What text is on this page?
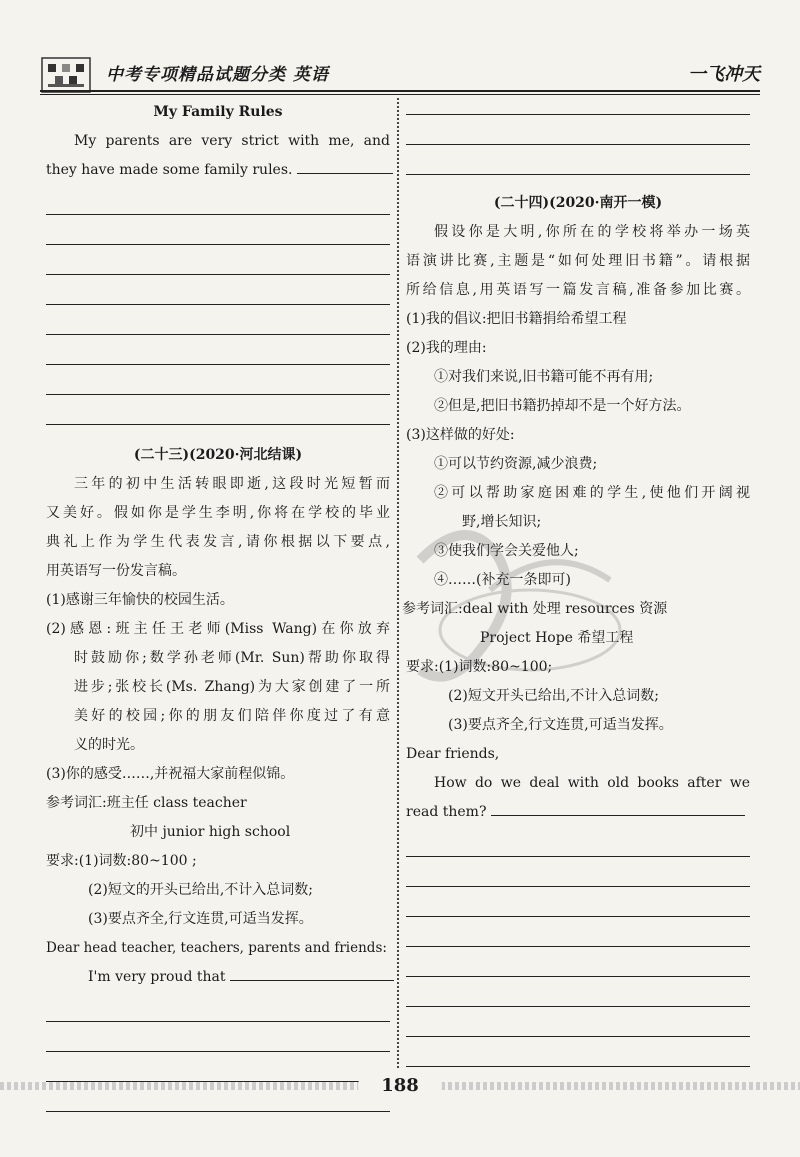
中考专项精品试题分类 英语	一飞冲天
My Family Rules
My parents are very strict with me, and
they have made some family rules.
(二十三)(2020·河北结课)
三年的初中生活转眼即逝,这段时光短暂而
又美好。假如你是学生李明,你将在学校的毕业
典礼上作为学生代表发言,请你根据以下要点,
用英语写一份发言稿。
(1)感谢三年愉快的校园生活。
(2)感恩:班主任王老师(Miss Wang)在你放弃
时鼓励你;数学孙老师(Mr. Sun)帮助你取得
进步;张校长(Ms. Zhang)为大家创建了一所
美好的校园;你的朋友们陪伴你度过了有意
义的时光。
(3)你的感受……,并祝福大家前程似锦。
参考词汇:班主任 class teacher
初中 junior high school
要求:(1)词数:80~100 ;
(2)短文的开头已给出,不计入总词数;
(3)要点齐全,行文连贯,可适当发挥。
Dear head teacher, teachers, parents and friends:
I'm very proud that
(二十四)(2020·南开一模)
假设你是大明,你所在的学校将举办一场英
语演讲比赛,主题是“如何处理旧书籍”。请根据
所给信息,用英语写一篇发言稿,准备参加比赛。
(1)我的倡议:把旧书籍捐给希望工程
(2)我的理由:
①对我们来说,旧书籍可能不再有用;
②但是,把旧书籍扔掉却不是一个好方法。
(3)这样做的好处:
①可以节约资源,减少浪费;
②可以帮助家庭困难的学生,使他们开阔视
野,增长知识;
③使我们学会关爱他人;
④……(补充一条即可)
参考词汇:deal with 处理 resources 资源
Project Hope 希望工程
要求:(1)词数:80~100;
(2)短文开头已给出,不计入总词数;
(3)要点齐全,行文连贯,可适当发挥。
Dear friends,
How do we deal with old books after we
read them?
188
